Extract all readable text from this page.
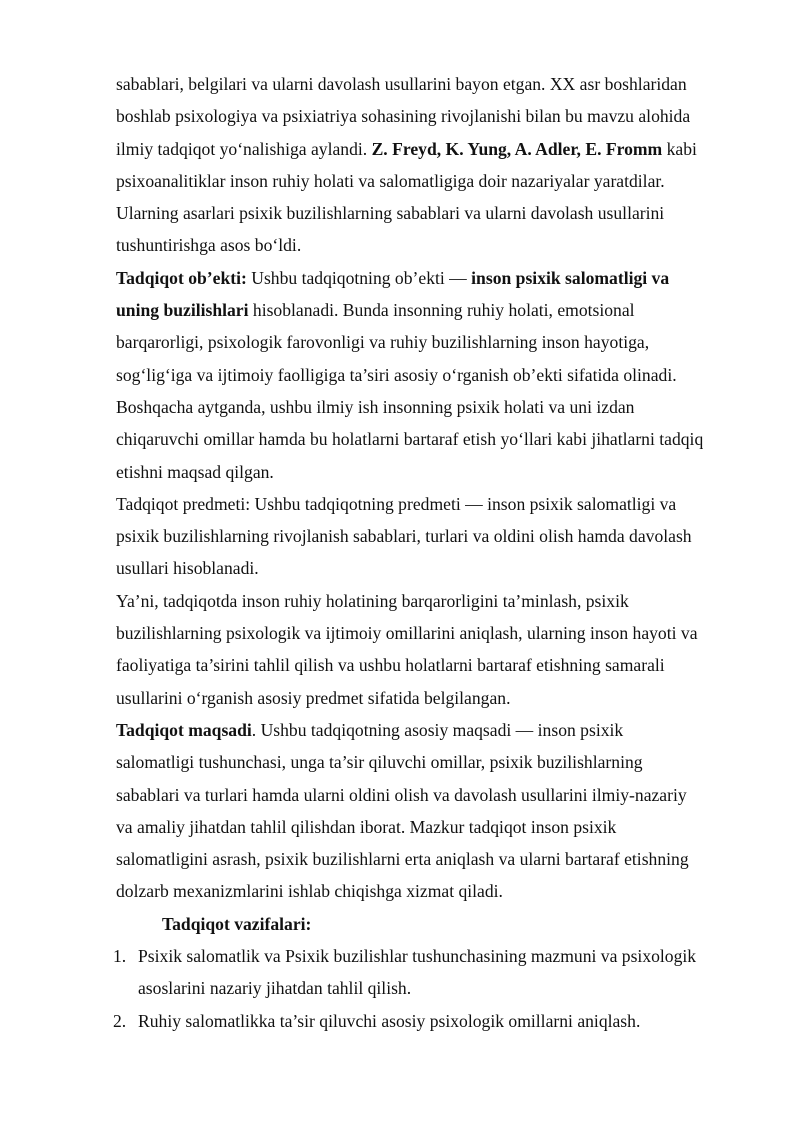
sabablari, belgilari va ularni davolash usullarini bayon etgan. XX asr boshlaridan
boshlab psixologiya va psixiatriya sohasining rivojlanishi bilan bu mavzu alohida
ilmiy tadqiqot yo‘nalishiga aylandi. Z. Freyd, K. Yung, A. Adler, E. Fromm kabi
psixoanalitiklar inson ruhiy holati va salomatligiga doir nazariyalar yaratdilar.
Ularning asarlari psixik buzilishlarning sabablari va ularni davolash usullarini
tushuntirishga asos bo‘ldi.
Tadqiqot ob’ekti: Ushbu tadqiqotning ob’ekti — inson psixik salomatligi va
uning buzilishlari hisoblanadi. Bunda insonning ruhiy holati, emotsional
barqarorligi, psixologik farovonligi va ruhiy buzilishlarning inson hayotiga,
sog‘lig‘iga va ijtimoiy faolligiga ta’siri asosiy o‘rganish ob’ekti sifatida olinadi.
Boshqacha aytganda, ushbu ilmiy ish insonning psixik holati va uni izdan
chiqaruvchi omillar hamda bu holatlarni bartaraf etish yo‘llari kabi jihatlarni tadqiq
etishni maqsad qilgan.
Tadqiqot predmeti: Ushbu tadqiqotning predmeti — inson psixik salomatligi va
psixik buzilishlarning rivojlanish sabablari, turlari va oldini olish hamda davolash
usullari hisoblanadi.
Ya’ni, tadqiqotda inson ruhiy holatining barqarorligini ta’minlash, psixik
buzilishlarning psixologik va ijtimoiy omillarini aniqlash, ularning inson hayoti va
faoliyatiga ta’sirini tahlil qilish va ushbu holatlarni bartaraf etishning samarali
usullarini o‘rganish asosiy predmet sifatida belgilangan.
Tadqiqot maqsadi. Ushbu tadqiqotning asosiy maqsadi — inson psixik
salomatligi tushunchasi, unga ta’sir qiluvchi omillar, psixik buzilishlarning
sabablari va turlari hamda ularni oldini olish va davolash usullarini ilmiy-nazariy
va amaliy jihatdan tahlil qilishdan iborat. Mazkur tadqiqot inson psixik
salomatligini asrash, psixik buzilishlarni erta aniqlash va ularni bartaraf etishning
dolzarb mexanizmlarini ishlab chiqishga xizmat qiladi.
Tadqiqot vazifalari:
1. Psixik salomatlik va Psixik buzilishlar tushunchasining mazmuni va psixologik
asoslarini nazariy jihatdan tahlil qilish.
2. Ruhiy salomatlikka ta’sir qiluvchi asosiy psixologik omillarni aniqlash.
